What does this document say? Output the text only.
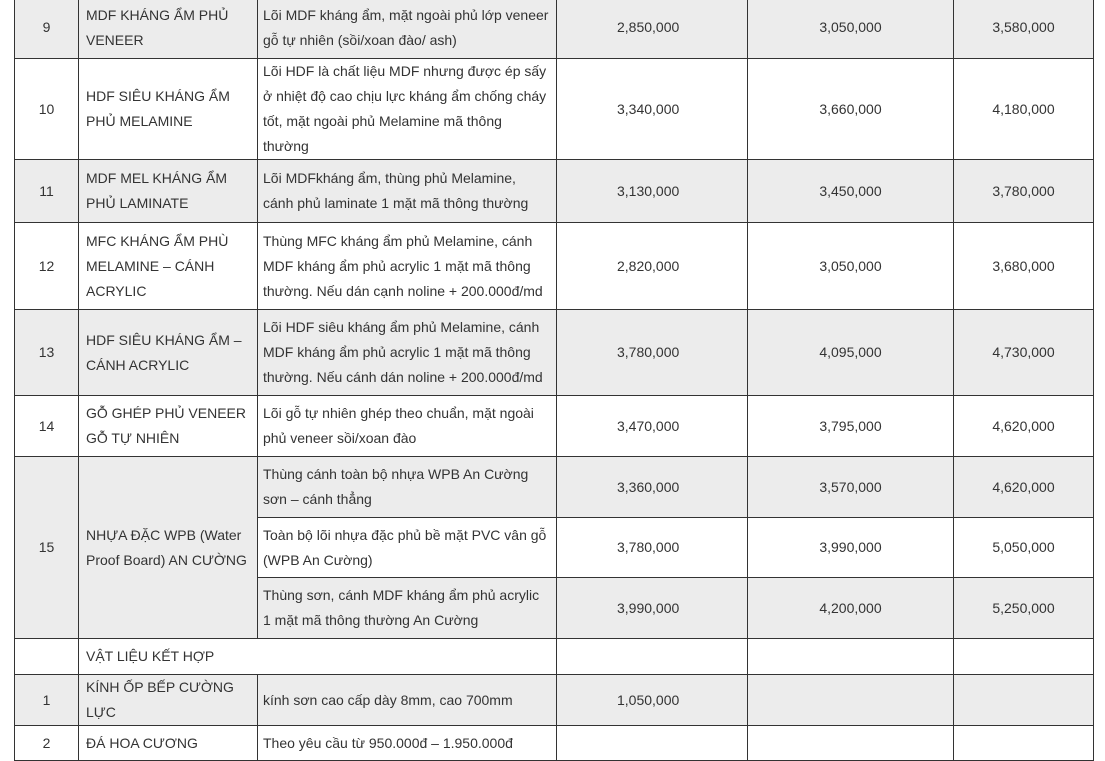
9	MDF KHÁNG ẨM PHỦ VENEER	Lõi MDF kháng ẩm, mặt ngoài phủ lớp veneer gỗ tự nhiên (sồi/xoan đào/ ash)	2,850,000	3,050,000	3,580,000
10	HDF SIÊU KHÁNG ẨM PHỦ MELAMINE	Lõi HDF là chất liệu MDF nhưng được ép sấy ở nhiệt độ cao chịu lực kháng ẩm chống cháy tốt, mặt ngoài phủ Melamine mã thông thường	3,340,000	3,660,000	4,180,000
11	MDF MEL KHÁNG ẨM PHỦ LAMINATE	Lõi MDFkháng ẩm, thùng phủ Melamine, cánh phủ laminate 1 mặt mã thông thường	3,130,000	3,450,000	3,780,000
12	MFC KHÁNG ẨM PHÙ MELAMINE – CÁNH ACRYLIC	Thùng MFC kháng ẩm phủ Melamine, cánh MDF kháng ẩm phủ acrylic 1 mặt mã thông thường. Nếu dán cạnh noline + 200.000đ/md	2,820,000	3,050,000	3,680,000
13	HDF SIÊU KHÁNG ẨM – CÁNH ACRYLIC	Lõi HDF siêu kháng ẩm phủ Melamine, cánh MDF kháng ẩm phủ acrylic 1 mặt mã thông thường. Nếu cánh dán noline + 200.000đ/md	3,780,000	4,095,000	4,730,000
14	GỖ GHÉP PHỦ VENEER GỖ TỰ NHIÊN	Lõi gỗ tự nhiên ghép theo chuẩn, mặt ngoài phủ veneer sồi/xoan đào	3,470,000	3,795,000	4,620,000
15	NHỰA ĐẶC WPB (Water Proof Board) AN CƯỜNG	Thùng cánh toàn bộ nhựa WPB An Cường sơn – cánh thẳng	3,360,000	3,570,000	4,620,000
		Toàn bộ lõi nhựa đặc phủ bề mặt PVC vân gỗ (WPB An Cường)	3,780,000	3,990,000	5,050,000
		Thùng sơn, cánh MDF kháng ẩm phủ acrylic 1 mặt mã thông thường An Cường	3,990,000	4,200,000	5,250,000
	VẬT LIỆU KẾT HỢP				
1	KÍNH ỐP BẾP CƯỜNG LỰC	kính sơn cao cấp dày 8mm, cao 700mm	1,050,000		
2	ĐÁ HOA CƯƠNG	Theo yêu cầu từ 950.000đ – 1.950.000đ			
